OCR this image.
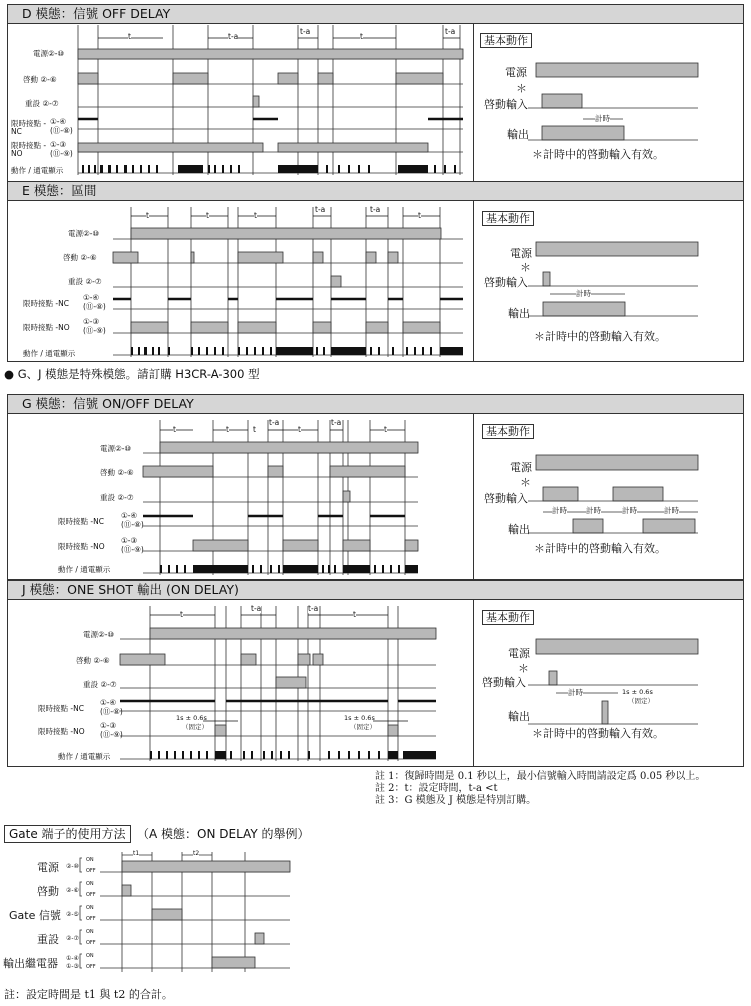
D 模態：信號 OFF DELAY
電源②-⑩
啓動 ②-⑥
重設 ②-⑦
限時接點 -NC
①-④
(⑪-⑧)
限時接點 -NO
①-③
(⑪-⑨)
動作 / 通電顯示
t	t-a
t-a
t
t-a
基本動作
電源
＊
啓動輸入
計時
輸出
＊計時中的啓動輸入有效。
E 模態：區間
電源②-⑩
啓動 ②-⑥
重設 ②-⑦
限時接點 -NC
①-④
(⑪-⑧)
限時接點 -NO
①-③
(⑪-⑨)
動作 / 通電顯示
t	t	t
t-a	t-a
t	基本動作
電源
＊
啓動輸入
計時
輸出
＊計時中的啓動輸入有效。
● G、J 模態是特殊模態。請訂購 H3CR-A-300 型
G 模態：信號 ON/OFF DELAY
電源②-⑩
啓動 ②-⑥
重設 ②-⑦
限時接點 -NC
①-④
(⑪-⑧)
限時接點 -NO
①-③
(⑪-⑨)
動作 / 通電顯示
t	t	t
t-a
t
t-a
t	基本動作
電源
＊
啓動輸入
計時	計時	計時	計時
輸出
＊計時中的啓動輸入有效。
J 模態：ONE SHOT 輸出 (ON DELAY)
電源②-⑩
啓動 ②-⑥
重設 ②-⑦
限時接點 -NC
①-④
(⑪-⑧)
限時接點 -NO
①-③
(⑪-⑨)
動作 / 通電顯示
t
t-a	t-a
t
1s ± 0.6s
（固定）
1s ± 0.6s
（固定）
基本動作
電源
＊
啓動輸入
計時	1s ± 0.6s
（固定）
輸出
＊計時中的啓動輸入有效。
註 1：復歸時間是 0.1 秒以上，最小信號輸入時間請設定爲 0.05 秒以上。
註 2：t：設定時間，t-a <t
註 3：G 模態及 J 模態是特別訂購。
Gate 端子的使用方法 （A 模態：ON DELAY 的舉例）
電源 ②-⑩
啓動 ②-⑥
Gate 信號 ②-⑤
重設 ②-⑦
輸出繼電器 ①-④
①-③
ON
OFF
ON
OFF
ON
OFF
ON
OFF
ON
OFF
t1	t2
註：設定時間是 t1 與 t2 的合計。
